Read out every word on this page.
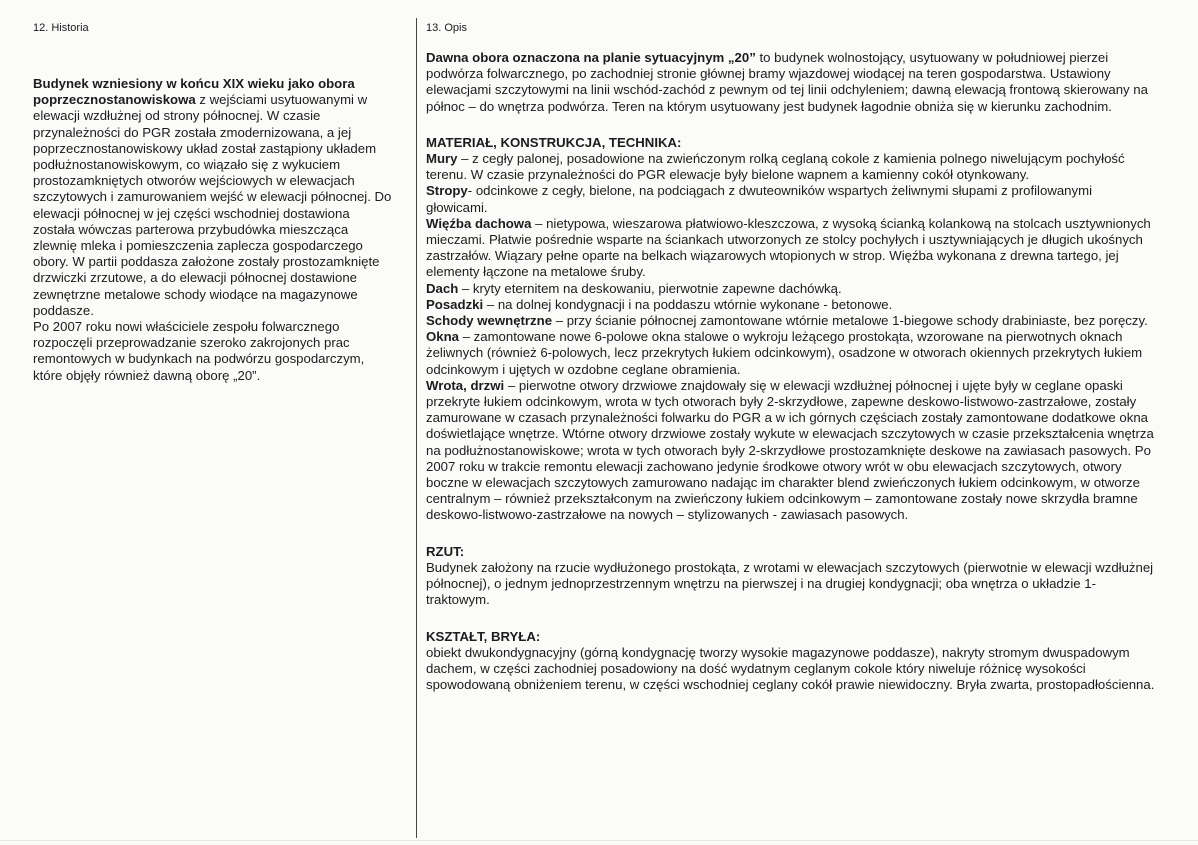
12. Historia

Budynek wzniesiony w końcu XIX wieku jako obora poprzecznostanowiskowa z wejściami usytuowanymi w elewacji wzdłużnej od strony północnej. W czasie przynależności do PGR została zmodernizowana, a jej poprzecznostanowiskowy układ został zastąpiony układem podłużnostanowiskowym, co wiązało się z wykuciem prostozamkniętych otworów wejściowych w elewacjach szczytowych i zamurowaniem wejść w elewacji północnej. Do elewacji północnej w jej części wschodniej dostawiona została wówczas parterowa przybudówka mieszcząca zlewnię mleka i pomieszczenia zaplecza gospodarczego obory. W partii poddasza założone zostały prostozamknięte drzwiczki zrzutowe, a do elewacji północnej dostawione zewnętrzne metalowe schody wiodące na magazynowe poddasze.

Po 2007 roku nowi właściciele zespołu folwarcznego rozpoczęli przeprowadzanie szeroko zakrojonych prac remontowych w budynkach na podwórzu gospodarczym, które objęły również dawną oborę „20”.

13. Opis

Dawna obora oznaczona na planie sytuacyjnym „20” to budynek wolnostojący, usytuowany w południowej pierzei podwórza folwarcznego, po zachodniej stronie głównej bramy wjazdowej wiodącej na teren gospodarstwa. Ustawiony elewacjami szczytowymi na linii wschód-zachód z pewnym od tej linii odchyleniem; dawną elewacją frontową skierowany na północ – do wnętrza podwórza. Teren na którym usytuowany jest budynek łagodnie obniża się w kierunku zachodnim.

MATERIAŁ, KONSTRUKCJA, TECHNIKA:

Mury – z cegły palonej, posadowione na zwieńczonym rolką ceglaną cokole z kamienia polnego niwelującym pochyłość terenu. W czasie przynależności do PGR elewacje były bielone wapnem a kamienny cokół otynkowany.

Stropy- odcinkowe z cegły, bielone, na podciągach z dwuteowników wspartych żeliwnymi słupami z profilowanymi głowicami.

Więźba dachowa – nietypowa, wieszarowa płatwiowo-kleszczowa, z wysoką ścianką kolankową na stolcach usztywnionych mieczami. Płatwie pośrednie wsparte na ściankach utworzonych ze stolcy pochyłych i usztywniających je długich ukośnych zastrzałów. Wiązary pełne oparte na belkach wiązarowych wtopionych w strop. Więźba wykonana z drewna tartego, jej elementy łączone na metalowe śruby.

Dach – kryty eternitem na deskowaniu, pierwotnie zapewne dachówką.

Posadzki – na dolnej kondygnacji i na poddaszu wtórnie wykonane - betonowe.

Schody wewnętrzne – przy ścianie północnej zamontowane wtórnie metalowe 1-biegowe schody drabiniaste, bez poręczy.

Okna – zamontowane nowe 6-polowe okna stalowe o wykroju leżącego prostokąta, wzorowane na pierwotnych oknach żeliwnych (również 6-polowych, lecz przekrytych łukiem odcinkowym), osadzone w otworach okiennych przekrytych łukiem odcinkowym i ujętych w ozdobne ceglane obramienia.

Wrota, drzwi – pierwotne otwory drzwiowe znajdowały się w elewacji wzdłużnej północnej i ujęte były w ceglane opaski przekryte łukiem odcinkowym, wrota w tych otworach były 2-skrzydłowe, zapewne deskowo-listwowo-zastrzałowe, zostały zamurowane w czasach przynależności folwarku do PGR a w ich górnych częściach zostały zamontowane dodatkowe okna doświetlające wnętrze. Wtórne otwory drzwiowe zostały wykute w elewacjach szczytowych w czasie przekształcenia wnętrza na podłużnostanowiskowe; wrota w tych otworach były 2-skrzydłowe prostozamknięte deskowe na zawiasach pasowych. Po 2007 roku w trakcie remontu elewacji zachowano jedynie środkowe otwory wrót w obu elewacjach szczytowych, otwory boczne w elewacjach szczytowych zamurowano nadając im charakter blend zwieńczonych łukiem odcinkowym, w otworze centralnym – również przekształconym na zwieńczony łukiem odcinkowym – zamontowane zostały nowe skrzydła bramne deskowo-listwowo-zastrzałowe na nowych – stylizowanych - zawiasach pasowych.

RZUT:

Budynek założony na rzucie wydłużonego prostokąta, z wrotami w elewacjach szczytowych (pierwotnie w elewacji wzdłużnej północnej), o jednym jednoprzestrzennym wnętrzu na pierwszej i na drugiej kondygnacji; oba wnętrza o układzie 1-traktowym.

KSZTAŁT, BRYŁA:

obiekt dwukondygnacyjny (górną kondygnację tworzy wysokie magazynowe poddasze), nakryty stromym dwuspadowym dachem, w części zachodniej posadowiony na dość wydatnym ceglanym cokole który niweluje różnicę wysokości spowodowaną obniżeniem terenu, w części wschodniej ceglany cokół prawie niewidoczny. Bryła zwarta, prostopadłościenna.
